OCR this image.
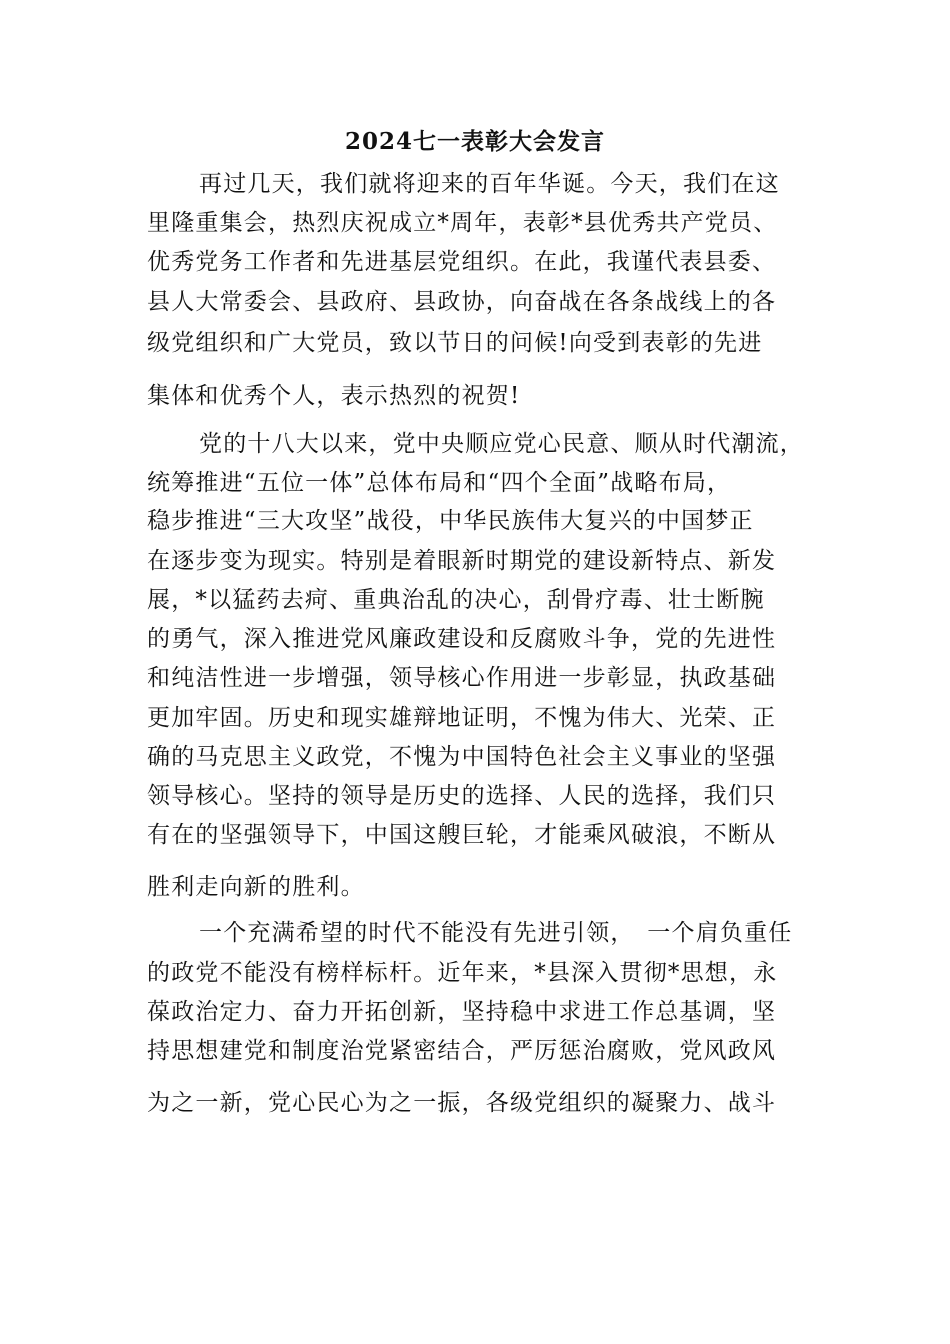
2024七一表彰大会发言

再过几天，我们就将迎来的百年华诞。今天，我们在这

里隆重集会，热烈庆祝成立*周年，表彰*县优秀共产党员、

优秀党务工作者和先进基层党组织。在此，我谨代表县委、

县人大常委会、县政府、县政协，向奋战在各条战线上的各

级党组织和广大党员，致以节日的问候!向受到表彰的先进

集体和优秀个人，表示热烈的祝贺!

党的十八大以来，党中央顺应党心民意、顺从时代潮流，

统筹推进“五位一体”总体布局和“四个全面”战略布局，

稳步推进“三大攻坚”战役，中华民族伟大复兴的中国梦正

在逐步变为现实。特别是着眼新时期党的建设新特点、新发

展，*以猛药去疴、重典治乱的决心，刮骨疗毒、壮士断腕

的勇气，深入推进党风廉政建设和反腐败斗争，党的先进性

和纯洁性进一步增强，领导核心作用进一步彰显，执政基础

更加牢固。历史和现实雄辩地证明，不愧为伟大、光荣、正

确的马克思主义政党，不愧为中国特色社会主义事业的坚强

领导核心。坚持的领导是历史的选择、人民的选择，我们只

有在的坚强领导下，中国这艘巨轮，才能乘风破浪，不断从

胜利走向新的胜利。

一个充满希望的时代不能没有先进引领，　一个肩负重任

的政党不能没有榜样标杆。近年来，*县深入贯彻*思想，永

葆政治定力、奋力开拓创新，坚持稳中求进工作总基调，坚

持思想建党和制度治党紧密结合，严厉惩治腐败，党风政风

为之一新，党心民心为之一振，各级党组织的凝聚力、战斗
